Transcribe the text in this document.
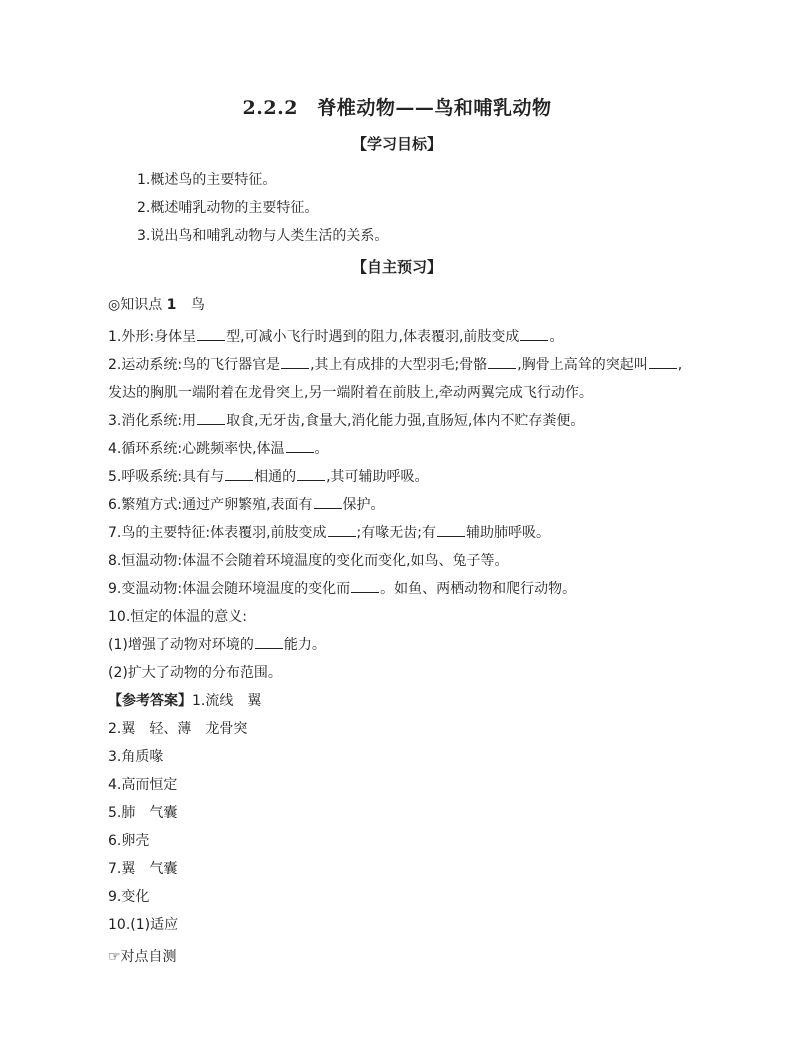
2.2.2　脊椎动物——鸟和哺乳动物
【学习目标】
1.概述鸟的主要特征。
2.概述哺乳动物的主要特征。
3.说出鸟和哺乳动物与人类生活的关系。
【自主预习】
◎知识点 1 鸟
1.外形:身体呈 型,可减小飞行时遇到的阻力,体表覆羽,前肢变成 。
2.运动系统:鸟的飞行器官是 ,其上有成排的大型羽毛;骨骼 ,胸骨上高耸的突起叫 ,
发达的胸肌一端附着在龙骨突上,另一端附着在前肢上,牵动两翼完成飞行动作。
3.消化系统:用 取食,无牙齿,食量大,消化能力强,直肠短,体内不贮存粪便。
4.循环系统:心跳频率快,体温 。
5.呼吸系统:具有与 相通的 ,其可辅助呼吸。
6.繁殖方式:通过产卵繁殖,表面有 保护。
7.鸟的主要特征:体表覆羽,前肢变成 ;有喙无齿;有 辅助肺呼吸。
8.恒温动物:体温不会随着环境温度的变化而变化,如鸟、兔子等。
9.变温动物:体温会随环境温度的变化而 。如鱼、两栖动物和爬行动物。
10.恒定的体温的意义:
(1)增强了动物对环境的 能力。
(2)扩大了动物的分布范围。
【参考答案】1.流线　翼
2.翼　轻、薄　龙骨突
3.角质喙
4.高而恒定
5.肺　气囊
6.卵壳
7.翼　气囊
9.变化
10.(1)适应
☞对点自测
